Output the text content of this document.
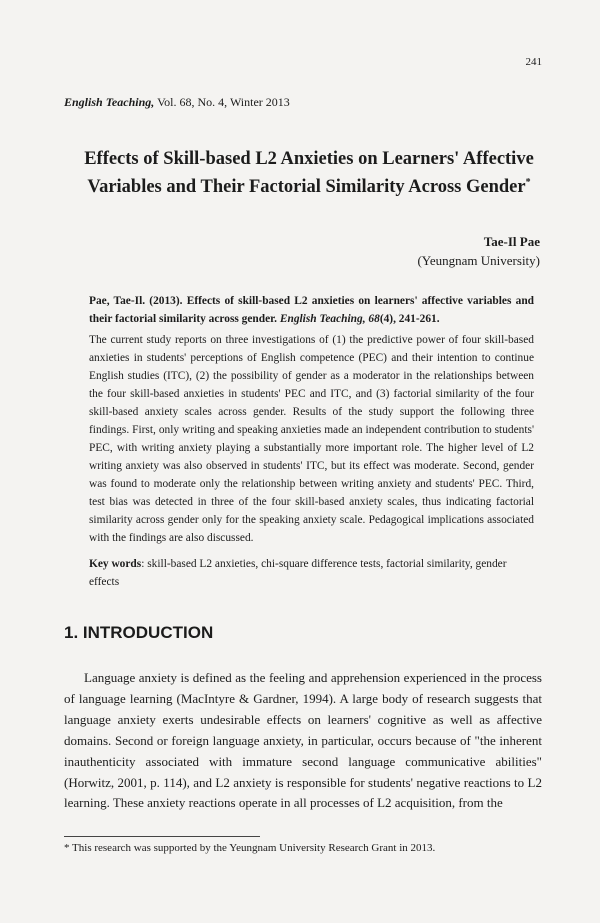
241
English Teaching, Vol. 68, No. 4, Winter 2013
Effects of Skill-based L2 Anxieties on Learners' Affective Variables and Their Factorial Similarity Across Gender*
Tae-Il Pae
(Yeungnam University)

Pae, Tae-Il. (2013). Effects of skill-based L2 anxieties on learners' affective variables and their factorial similarity across gender. English Teaching, 68(4), 241-261.

The current study reports on three investigations of (1) the predictive power of four skill-based anxieties in students' perceptions of English competence (PEC) and their intention to continue English studies (ITC), (2) the possibility of gender as a moderator in the relationships between the four skill-based anxieties in students' PEC and ITC, and (3) factorial similarity of the four skill-based anxiety scales across gender. Results of the study support the following three findings. First, only writing and speaking anxieties made an independent contribution to students' PEC, with writing anxiety playing a substantially more important role. The higher level of L2 writing anxiety was also observed in students' ITC, but its effect was moderate. Second, gender was found to moderate only the relationship between writing anxiety and students' PEC. Third, test bias was detected in three of the four skill-based anxiety scales, thus indicating factorial similarity across gender only for the speaking anxiety scale. Pedagogical implications associated with the findings are also discussed.

Key words: skill-based L2 anxieties, chi-square difference tests, factorial similarity, gender effects

1. INTRODUCTION

Language anxiety is defined as the feeling and apprehension experienced in the process of language learning (MacIntyre & Gardner, 1994). A large body of research suggests that language anxiety exerts undesirable effects on learners' cognitive as well as affective domains. Second or foreign language anxiety, in particular, occurs because of "the inherent inauthenticity associated with immature second language communicative abilities" (Horwitz, 2001, p. 114), and L2 anxiety is responsible for students' negative reactions to L2 learning. These anxiety reactions operate in all processes of L2 acquisition, from the

* This research was supported by the Yeungnam University Research Grant in 2013.
